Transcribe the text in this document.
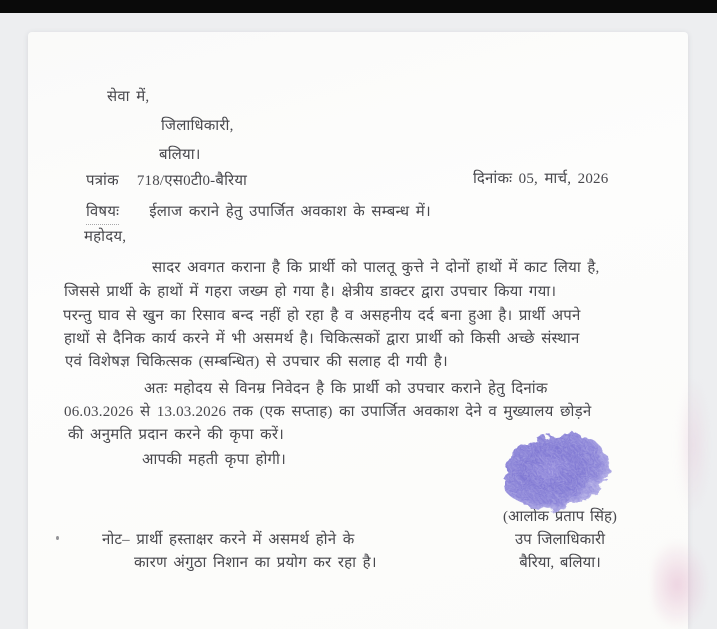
सेवा में,
जिलाधिकारी,
बलिया।
पत्रांक 718/एस0टी0-बैरिया	दिनांकः 05, मार्च, 2026
विषयः ईलाज कराने हेतु उपार्जित अवकाश के सम्बन्ध में।
महोदय,
सादर अवगत कराना है कि प्रार्थी को पालतू कुत्ते ने दोनों हाथों में काट लिया है,
जिससे प्रार्थी के हाथों में गहरा जख्म हो गया है। क्षेत्रीय डाक्टर द्वारा उपचार किया गया।
परन्तु घाव से खुन का रिसाव बन्द नहीं हो रहा है व असहनीय दर्द बना हुआ है। प्रार्थी अपने
हाथों से दैनिक कार्य करने में भी असमर्थ है। चिकित्सकों द्वारा प्रार्थी को किसी अच्छे संस्थान
एवं विशेषज्ञ चिकित्सक (सम्बन्धित) से उपचार की सलाह दी गयी है।
अतः महोदय से विनम्र निवेदन है कि प्रार्थी को उपचार कराने हेतु दिनांक
06.03.2026 से 13.03.2026 तक (एक सप्ताह) का उपार्जित अवकाश देने व मुख्यालय छोड़ने
की अनुमति प्रदान करने की कृपा करें।
आपकी महती कृपा होगी।
(आलोक प्रताप सिंह)
उप जिलाधिकारी
बैरिया, बलिया।
नोट– प्रार्थी हस्ताक्षर करने में असमर्थ होने के
कारण अंगुठा निशान का प्रयोग कर रहा है।
